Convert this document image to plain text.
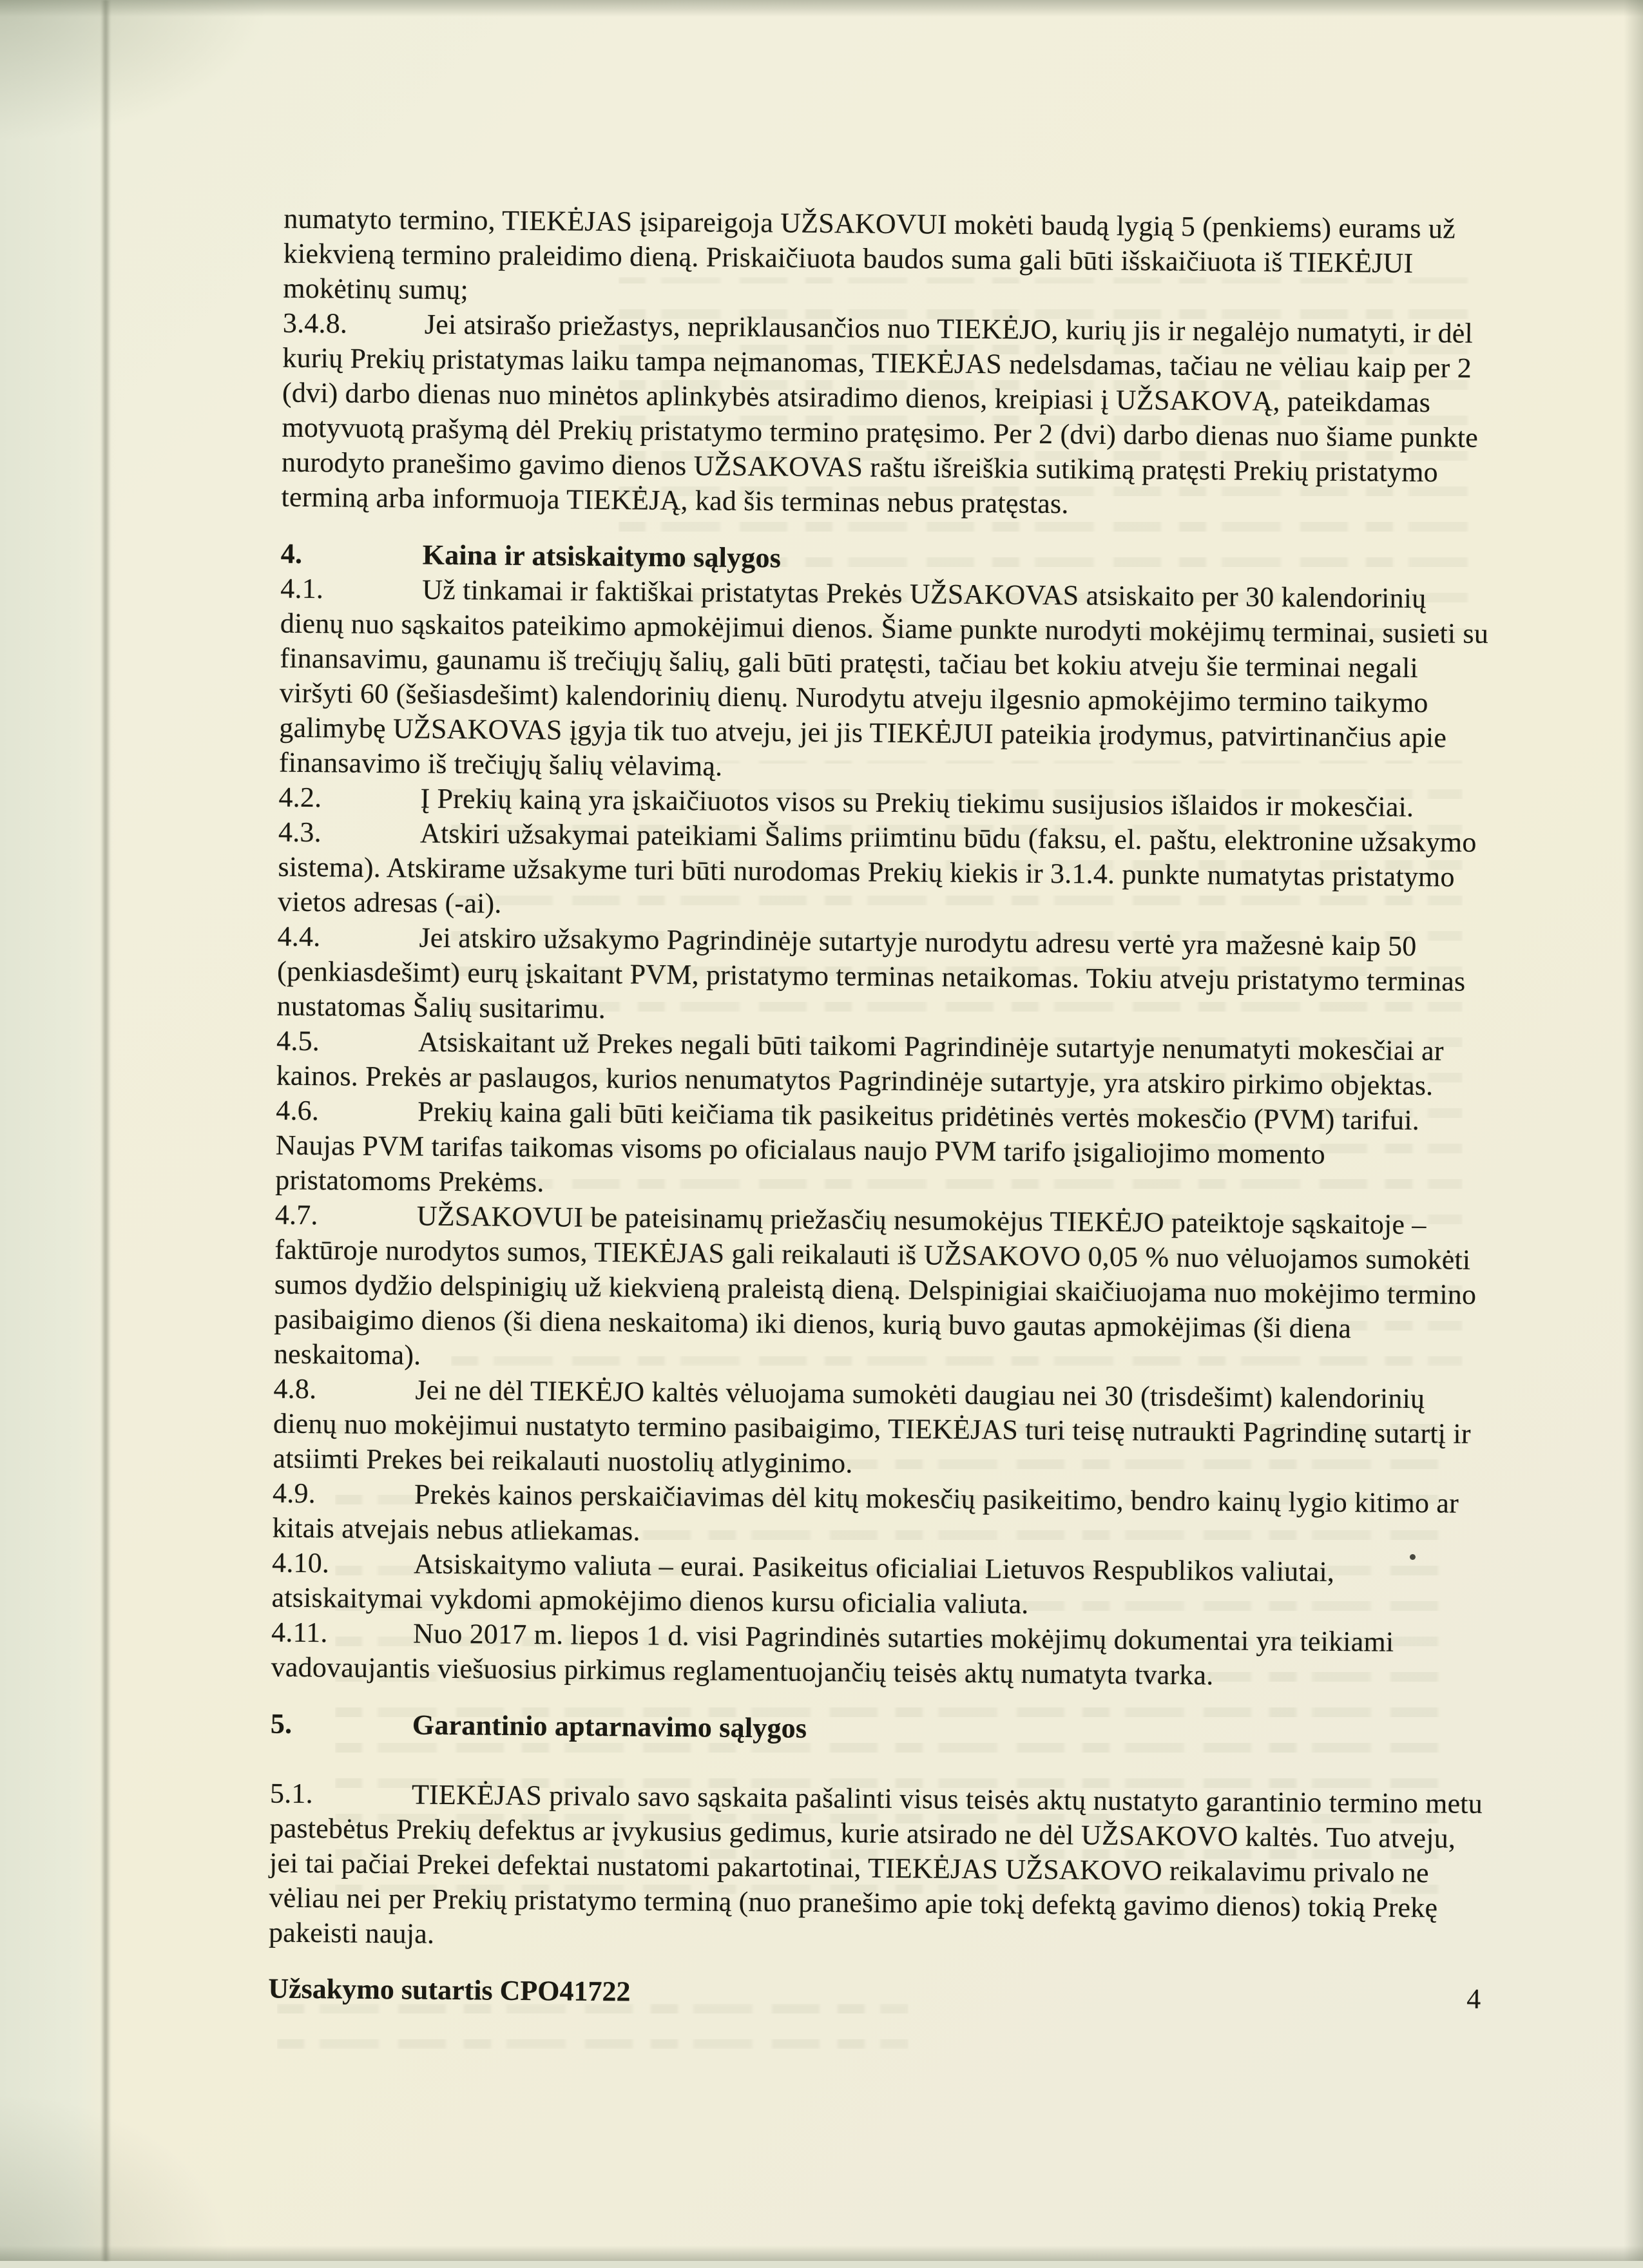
numatyto termino, TIEKĖJAS įsipareigoja UŽSAKOVUI mokėti baudą lygią 5 (penkiems) eurams už kiekvieną termino praleidimo dieną. Priskaičiuota baudos suma gali būti išskaičiuota iš TIEKĖJUI mokėtinų sumų;

3.4.8.	Jei atsirašo priežastys, nepriklausančios nuo TIEKĖJO, kurių jis ir negalėjo numatyti, ir dėl kurių Prekių pristatymas laiku tampa neįmanomas, TIEKĖJAS nedelsdamas, tačiau ne vėliau kaip per 2 (dvi) darbo dienas nuo minėtos aplinkybės atsiradimo dienos, kreipiasi į UŽSAKOVĄ, pateikdamas motyvuotą prašymą dėl Prekių pristatymo termino pratęsimo. Per 2 (dvi) darbo dienas nuo šiame punkte nurodyto pranešimo gavimo dienos UŽSAKOVAS raštu išreiškia sutikimą pratęsti Prekių pristatymo terminą arba informuoja TIEKĖJĄ, kad šis terminas nebus pratęstas.

4.	Kaina ir atsiskaitymo sąlygos

4.1.	Už tinkamai ir faktiškai pristatytas Prekės UŽSAKOVAS atsiskaito per 30 kalendorinių dienų nuo sąskaitos pateikimo apmokėjimui dienos. Šiame punkte nurodyti mokėjimų terminai, susieti su finansavimu, gaunamu iš trečiųjų šalių, gali būti pratęsti, tačiau bet kokiu atveju šie terminai negali viršyti 60 (šešiasdešimt) kalendorinių dienų. Nurodytu atveju ilgesnio apmokėjimo termino taikymo galimybę UŽSAKOVAS įgyja tik tuo atveju, jei jis TIEKĖJUI pateikia įrodymus, patvirtinančius apie finansavimo iš trečiųjų šalių vėlavimą.

4.2.	Į Prekių kainą yra įskaičiuotos visos su Prekių tiekimu susijusios išlaidos ir mokesčiai.

4.3.	Atskiri užsakymai pateikiami Šalims priimtinu būdu (faksu, el. paštu, elektronine užsakymo sistema). Atskirame užsakyme turi būti nurodomas Prekių kiekis ir 3.1.4. punkte numatytas pristatymo vietos adresas (-ai).

4.4.	Jei atskiro užsakymo Pagrindinėje sutartyje nurodytu adresu vertė yra mažesnė kaip 50 (penkiasdešimt) eurų įskaitant PVM, pristatymo terminas netaikomas. Tokiu atveju pristatymo terminas nustatomas Šalių susitarimu.

4.5.	Atsiskaitant už Prekes negali būti taikomi Pagrindinėje sutartyje nenumatyti mokesčiai ar kainos. Prekės ar paslaugos, kurios nenumatytos Pagrindinėje sutartyje, yra atskiro pirkimo objektas.

4.6.	Prekių kaina gali būti keičiama tik pasikeitus pridėtinės vertės mokesčio (PVM) tarifui. Naujas PVM tarifas taikomas visoms po oficialaus naujo PVM tarifo įsigaliojimo momento pristatomoms Prekėms.

4.7.	UŽSAKOVUI be pateisinamų priežasčių nesumokėjus TIEKĖJO pateiktoje sąskaitoje – faktūroje nurodytos sumos, TIEKĖJAS gali reikalauti iš UŽSAKOVO 0,05 % nuo vėluojamos sumokėti sumos dydžio delspinigių už kiekvieną praleistą dieną. Delspinigiai skaičiuojama nuo mokėjimo termino pasibaigimo dienos (ši diena neskaitoma) iki dienos, kurią buvo gautas apmokėjimas (ši diena neskaitoma).

4.8.	Jei ne dėl TIEKĖJO kaltės vėluojama sumokėti daugiau nei 30 (trisdešimt) kalendorinių dienų nuo mokėjimui nustatyto termino pasibaigimo, TIEKĖJAS turi teisę nutraukti Pagrindinę sutartį ir atsiimti Prekes bei reikalauti nuostolių atlyginimo.

4.9.	Prekės kainos perskaičiavimas dėl kitų mokesčių pasikeitimo, bendro kainų lygio kitimo ar kitais atvejais nebus atliekamas.

4.10.	Atsiskaitymo valiuta – eurai. Pasikeitus oficialiai Lietuvos Respublikos valiutai, atsiskaitymai vykdomi apmokėjimo dienos kursu oficialia valiuta.

4.11.	Nuo 2017 m. liepos 1 d. visi Pagrindinės sutarties mokėjimų dokumentai yra teikiami vadovaujantis viešuosius pirkimus reglamentuojančių teisės aktų numatyta tvarka.

5.	Garantinio aptarnavimo sąlygos

5.1.	TIEKĖJAS privalo savo sąskaita pašalinti visus teisės aktų nustatyto garantinio termino metu pastebėtus Prekių defektus ar įvykusius gedimus, kurie atsirado ne dėl UŽSAKOVO kaltės. Tuo atveju, jei tai pačiai Prekei defektai nustatomi pakartotinai, TIEKĖJAS UŽSAKOVO reikalavimu privalo ne vėliau nei per Prekių pristatymo terminą (nuo pranešimo apie tokį defektą gavimo dienos) tokią Prekę pakeisti nauja.

Užsakymo sutartis CPO41722	4
